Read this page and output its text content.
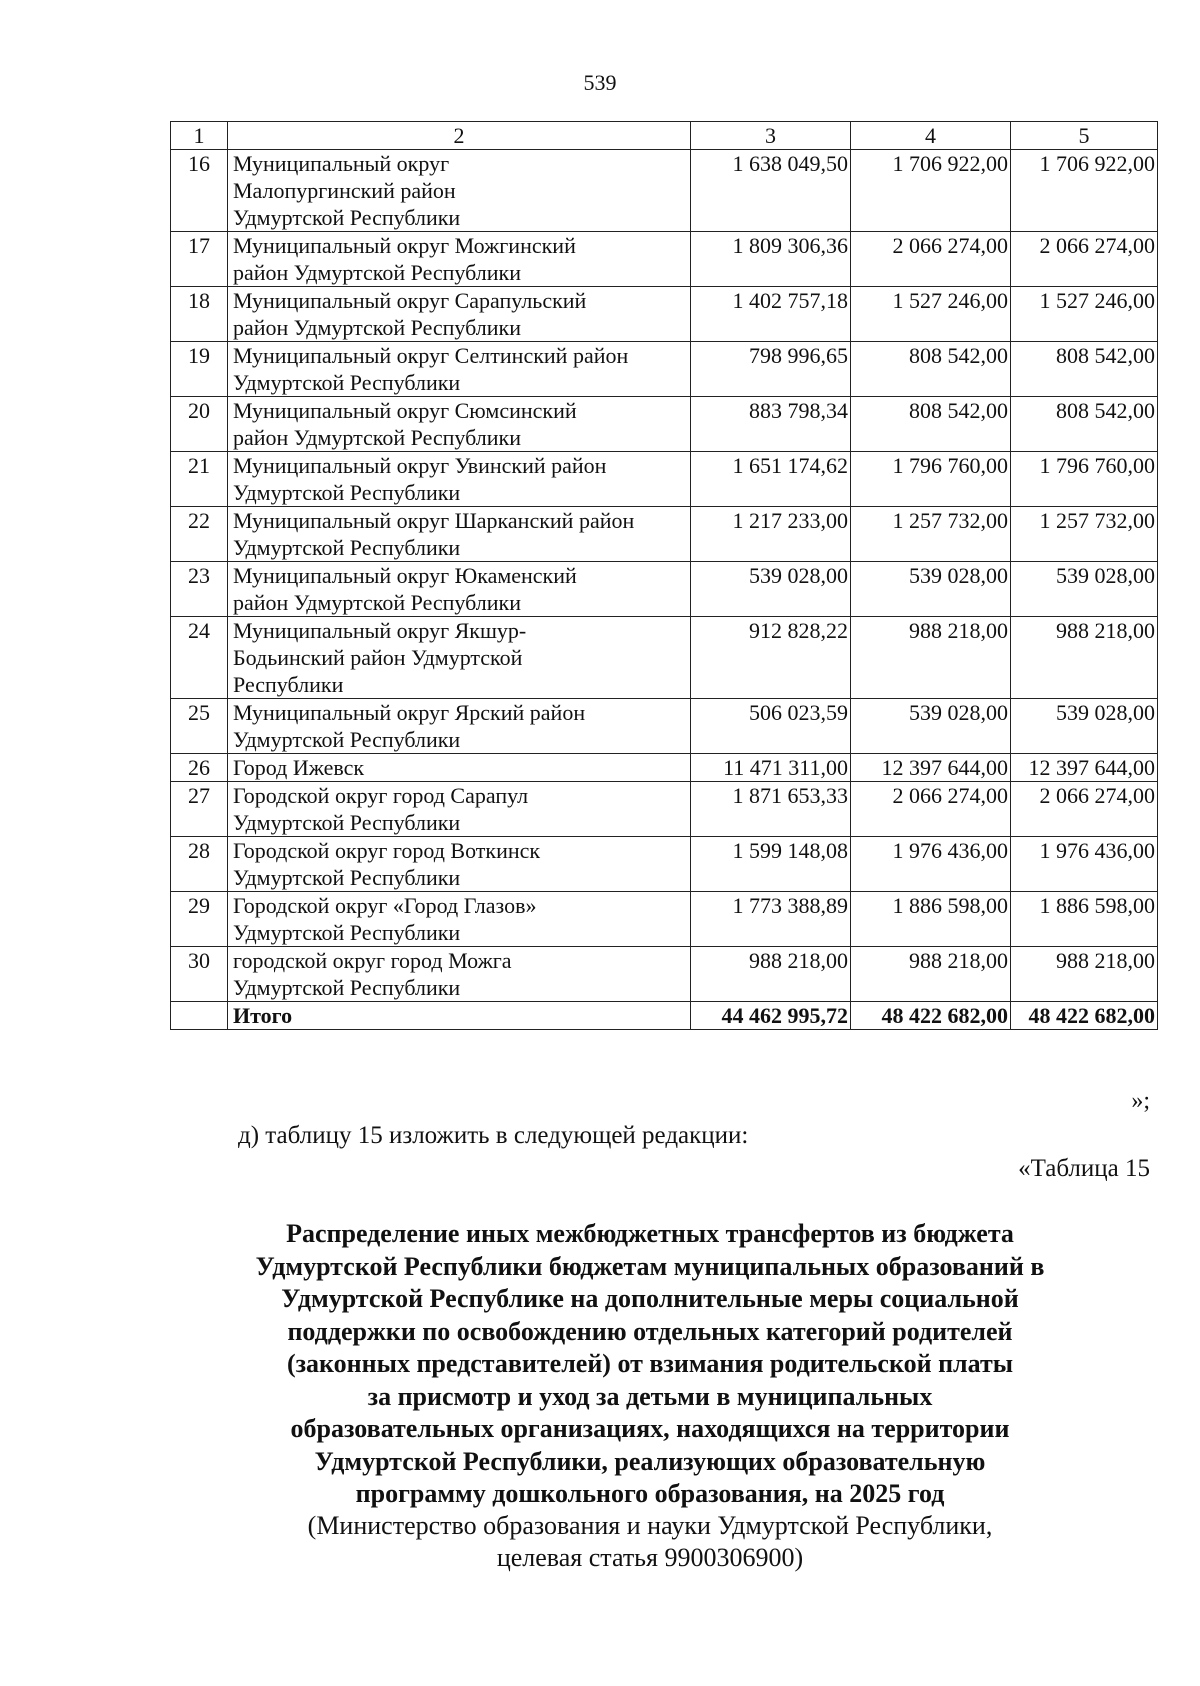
539
1	2	3	4	5
16	Муниципальный округ
Малопургинский район
Удмуртской Республики	1 638 049,50	1 706 922,00	1 706 922,00
17	Муниципальный округ Можгинский
район Удмуртской Республики	1 809 306,36	2 066 274,00	2 066 274,00
18	Муниципальный округ Сарапульский
район Удмуртской Республики	1 402 757,18	1 527 246,00	1 527 246,00
19	Муниципальный округ Селтинский район
Удмуртской Республики	798 996,65	808 542,00	808 542,00
20	Муниципальный округ Сюмсинский
район Удмуртской Республики	883 798,34	808 542,00	808 542,00
21	Муниципальный округ Увинский район
Удмуртской Республики	1 651 174,62	1 796 760,00	1 796 760,00
22	Муниципальный округ Шарканский район
Удмуртской Республики	1 217 233,00	1 257 732,00	1 257 732,00
23	Муниципальный округ Юкаменский
район Удмуртской Республики	539 028,00	539 028,00	539 028,00
24	Муниципальный округ Якшур-
Бодьинский район Удмуртской
Республики	912 828,22	988 218,00	988 218,00
25	Муниципальный округ Ярский район
Удмуртской Республики	506 023,59	539 028,00	539 028,00
26	Город Ижевск	11 471 311,00	12 397 644,00	12 397 644,00
27	Городской округ город Сарапул
Удмуртской Республики	1 871 653,33	2 066 274,00	2 066 274,00
28	Городской округ город Воткинск
Удмуртской Республики	1 599 148,08	1 976 436,00	1 976 436,00
29	Городской округ «Город Глазов»
Удмуртской Республики	1 773 388,89	1 886 598,00	1 886 598,00
30	городской округ город Можга
Удмуртской Республики	988 218,00	988 218,00	988 218,00
	Итого	44 462 995,72	48 422 682,00	48 422 682,00
»;
д) таблицу 15 изложить в следующей редакции:
«Таблица 15
Распределение иных межбюджетных трансфертов из бюджета
Удмуртской Республики бюджетам муниципальных образований в
Удмуртской Республике на дополнительные меры социальной
поддержки по освобождению отдельных категорий родителей
(законных представителей) от взимания родительской платы
за присмотр и уход за детьми в муниципальных
образовательных организациях, находящихся на территории
Удмуртской Республики, реализующих образовательную
программу дошкольного образования, на 2025 год
(Министерство образования и науки Удмуртской Республики,
целевая статья 9900306900)
